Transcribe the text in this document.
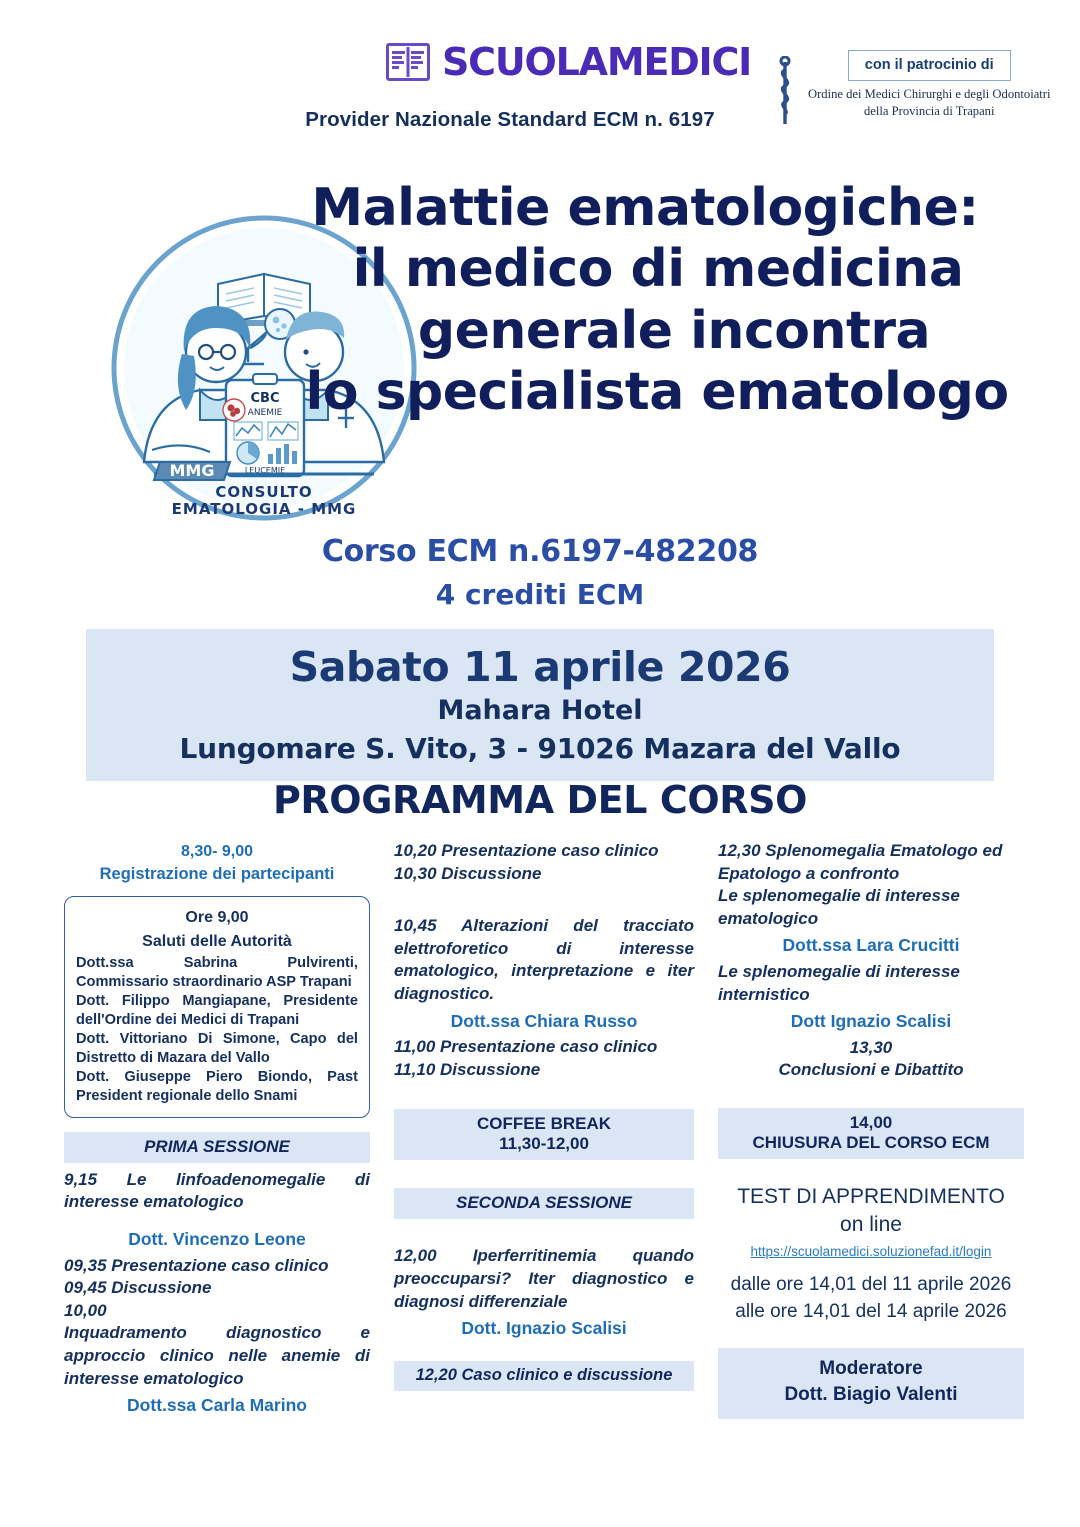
SCUOLAMEDICI
Provider Nazionale Standard ECM n. 6197
con il patrocinio di
Ordine dei Medici Chirurghi e degli Odontoiatri
della Provincia di Trapani
CBC
ANEMIE
LEUCEMIE
MMG
CONSULTO
EMATOLOGIA - MMG
Malattie ematologiche:
il medico di medicina
generale incontra
lo specialista ematologo
Corso ECM n.6197-482208
4 crediti ECM
Sabato 11 aprile 2026
Mahara Hotel
Lungomare S. Vito, 3 - 91026 Mazara del Vallo
PROGRAMMA DEL CORSO
8,30- 9,00
Registrazione dei partecipanti
Ore 9,00
Saluti delle Autorità
Dott.ssa Sabrina Pulvirenti, Commissario straordinario ASP Trapani
Dott. Filippo Mangiapane, Presidente dell'Ordine dei Medici di Trapani
Dott. Vittoriano Di Simone, Capo del Distretto di Mazara del Vallo
Dott. Giuseppe Piero Biondo, Past President regionale dello Snami
PRIMA SESSIONE
9,15 Le linfoadenomegalie di interesse ematologico
Dott. Vincenzo Leone
09,35 Presentazione caso clinico
09,45 Discussione
10,00
Inquadramento diagnostico e approccio clinico nelle anemie di interesse ematologico
Dott.ssa Carla Marino
10,20 Presentazione caso clinico
10,30 Discussione
10,45 Alterazioni del tracciato elettroforetico di interesse ematologico, interpretazione e iter diagnostico.
Dott.ssa Chiara Russo
11,00 Presentazione caso clinico
11,10 Discussione
COFFEE BREAK
11,30-12,00
SECONDA SESSIONE
12,00 Iperferritinemia quando preoccuparsi? Iter diagnostico e diagnosi differenziale
Dott. Ignazio Scalisi
12,20 Caso clinico e discussione
12,30 Splenomegalia Ematologo ed Epatologo a confronto
Le splenomegalie di interesse ematologico
Dott.ssa Lara Crucitti
Le splenomegalie di interesse internistico
Dott Ignazio Scalisi
13,30
Conclusioni e Dibattito
14,00
CHIUSURA DEL CORSO ECM
TEST DI APPRENDIMENTO
on line
https://scuolamedici.soluzionefad.it/login
dalle ore 14,01 del 11 aprile 2026
alle ore 14,01 del 14 aprile 2026
Moderatore
Dott. Biagio Valenti
